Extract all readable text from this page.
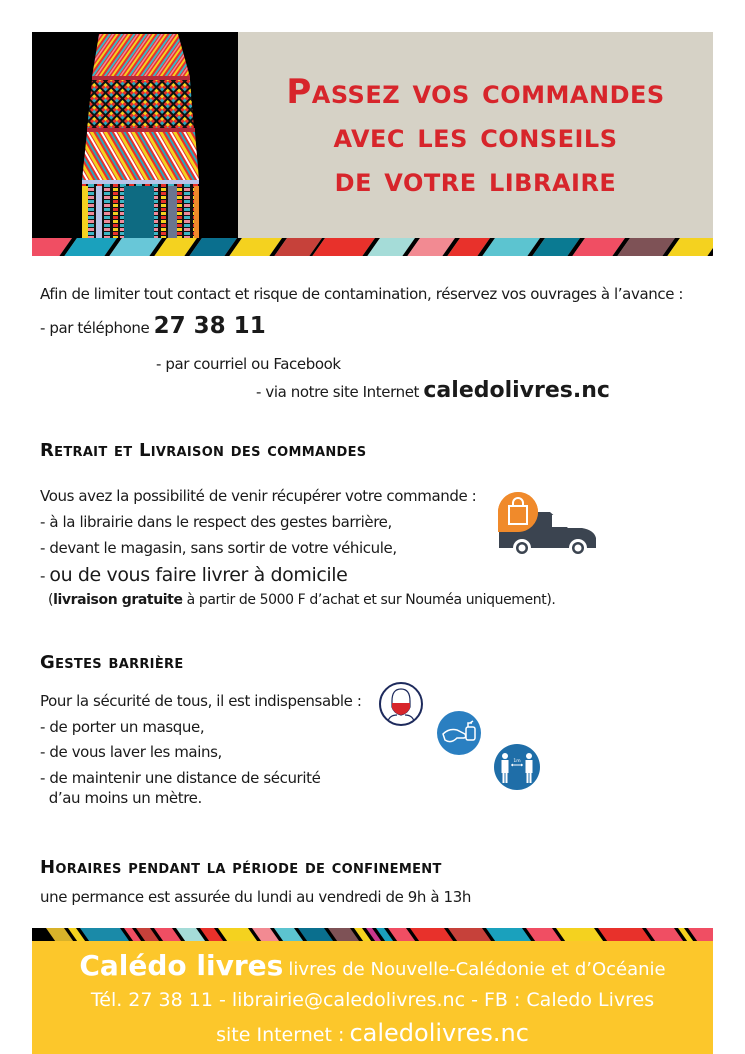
Passez vos commandes
avec les conseils
de votre libraire
Afin de limiter tout contact et risque de contamination, réservez vos ouvrages à l’avance :
- par téléphone 27 38 11
- par courriel ou Facebook
- via notre site Internet caledolivres.nc
Retrait et Livraison des commandes
Vous avez la possibilité de venir récupérer votre commande :
- à la librairie dans le respect des gestes barrière,
- devant le magasin, sans sortir de votre véhicule,
- ou de vous faire livrer à domicile
(livraison gratuite à partir de 5000 F d’achat et sur Nouméa uniquement).
Gestes barrière
Pour la sécurité de tous, il est indispensable :
- de porter un masque,
- de vous laver les mains,
- de maintenir une distance de sécurité
d’au moins un mètre.
1m
Horaires pendant la période de confinement
une permance est assurée du lundi au vendredi de 9h à 13h
Calédo livres livres de Nouvelle-Calédonie et d’Océanie
Tél. 27 38 11 - librairie@caledolivres.nc - FB : Caledo Livres
site Internet : caledolivres.nc
